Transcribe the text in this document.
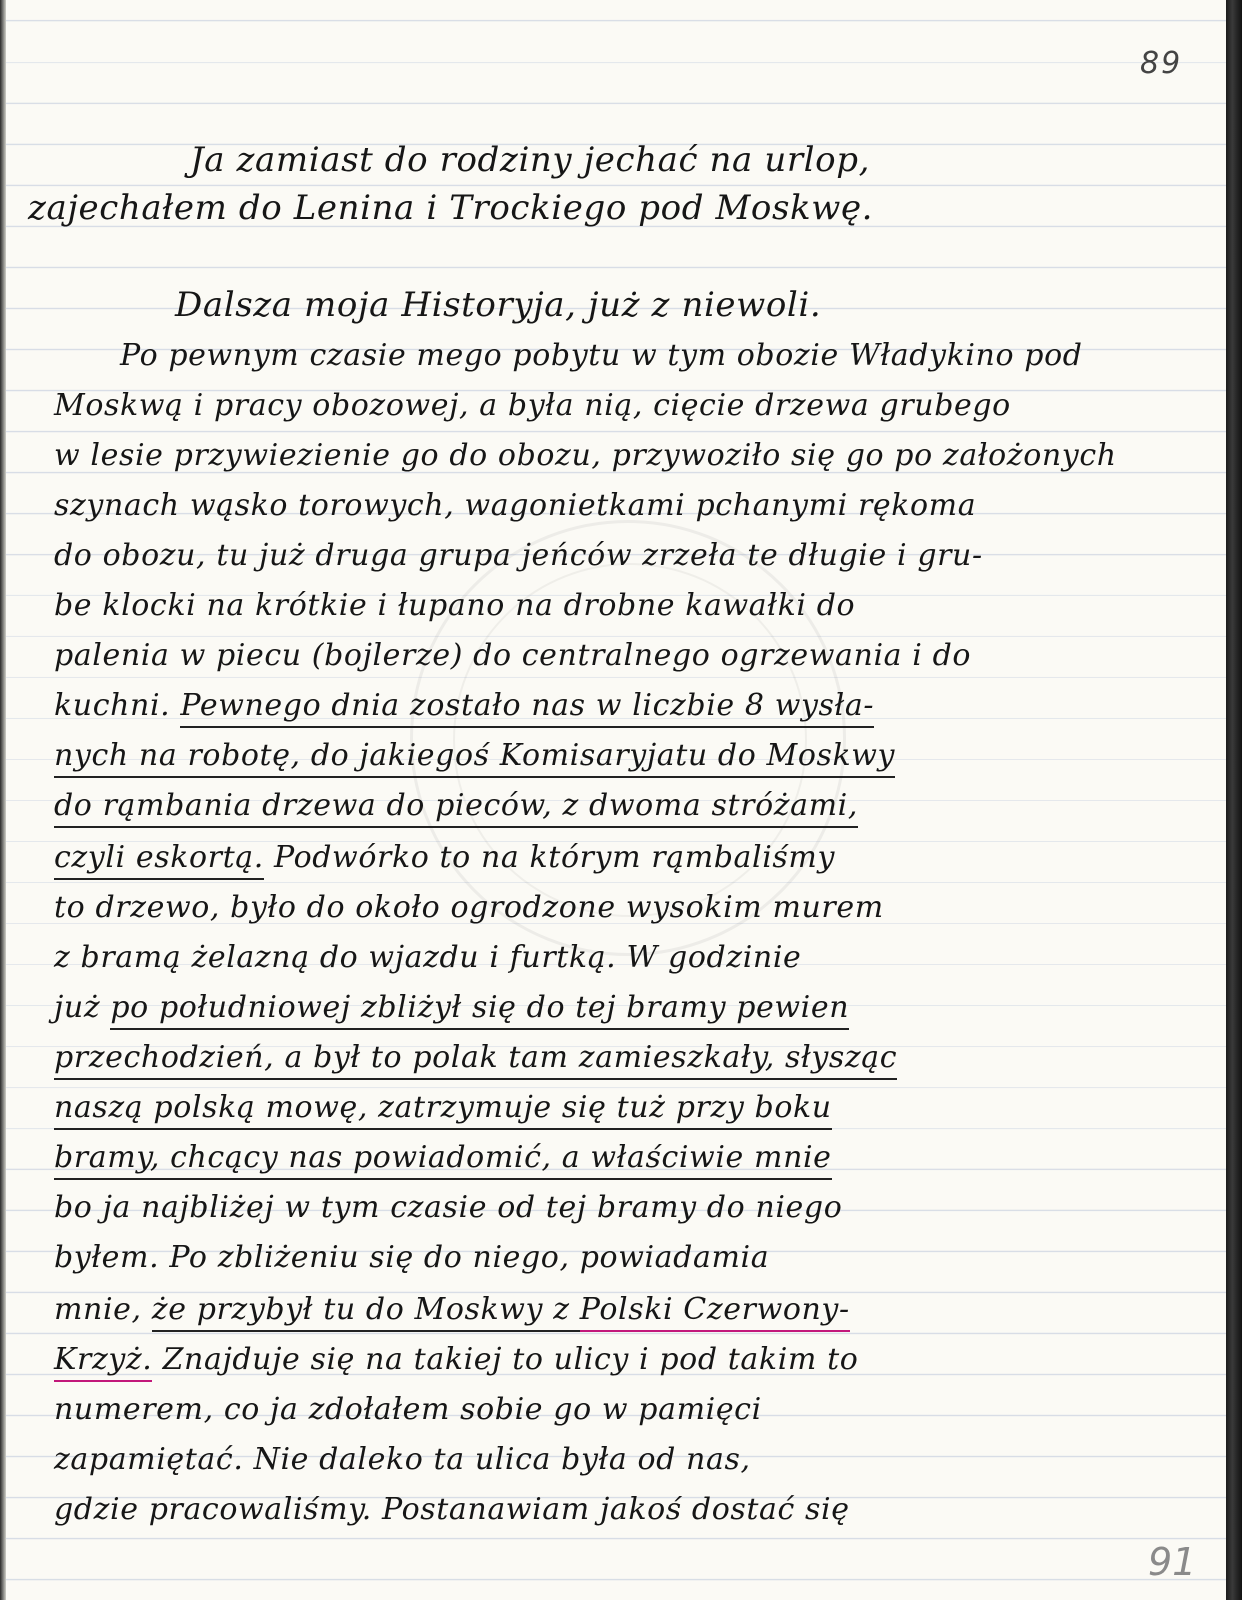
89
91
Ja zamiast do rodziny jechać na urlop,
zajechałem do Lenina i Trockiego pod Moskwę.
Dalsza moja Historyja, już z niewoli.
Po pewnym czasie mego pobytu w tym obozie Władykino pod
Moskwą i pracy obozowej, a była nią, cięcie drzewa grubego
w lesie przywiezienie go do obozu, przywoziło się go po założonych
szynach wąsko torowych, wagonietkami pchanymi rękoma
do obozu, tu już druga grupa jeńców zrzeła te długie i gru-
be klocki na krótkie i łupano na drobne kawałki do
palenia w piecu (bojlerze) do centralnego ogrzewania i do
kuchni. Pewnego dnia zostało nas w liczbie 8 wysła-
nych na robotę, do jakiegoś Komisaryjatu do Moskwy
do rąmbania drzewa do pieców, z dwoma stróżami,
czyli eskortą. Podwórko to na którym rąmbaliśmy
to drzewo, było do około ogrodzone wysokim murem
z bramą żelazną do wjazdu i furtką. W godzinie
już po południowej zbliżył się do tej bramy pewien
przechodzień, a był to polak tam zamieszkały, słysząc
naszą polską mowę, zatrzymuje się tuż przy boku
bramy, chcący nas powiadomić, a właściwie mnie
bo ja najbliżej w tym czasie od tej bramy do niego
byłem. Po zbliżeniu się do niego, powiadamia
mnie, że przybył tu do Moskwy z Polski Czerwony-
Krzyż. Znajduje się na takiej to ulicy i pod takim to
numerem, co ja zdołałem sobie go w pamięci
zapamiętać. Nie daleko ta ulica była od nas,
gdzie pracowaliśmy. Postanawiam jakoś dostać się
